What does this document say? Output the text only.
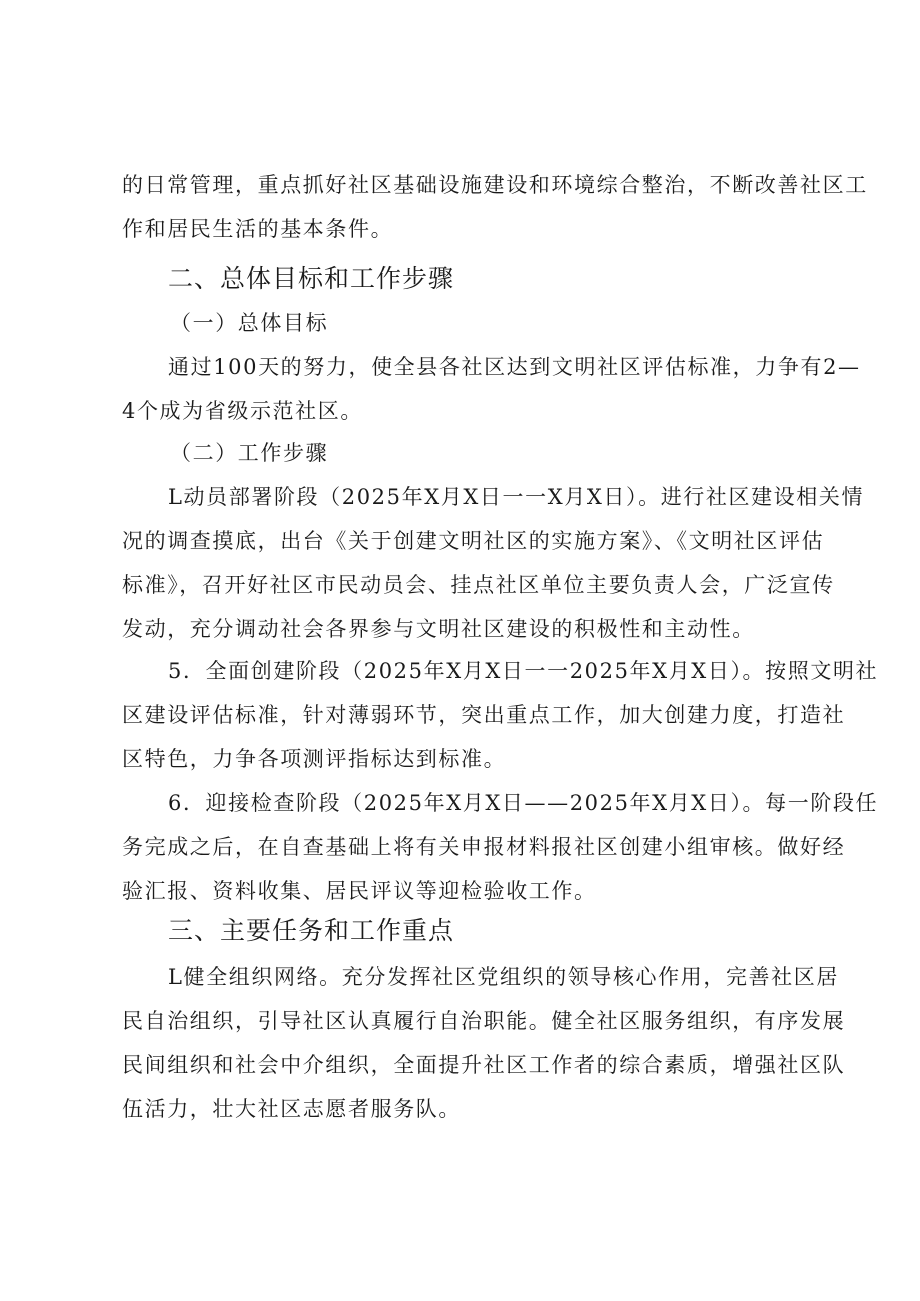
的日常管理，重点抓好社区基础设施建设和环境综合整治，不断改善社区工
作和居民生活的基本条件。
二、总体目标和工作步骤
（一）总体目标
通过100天的努力，使全县各社区达到文明社区评估标准，力争有2—
4个成为省级示范社区。
（二）工作步骤
L动员部署阶段（2025年X月X日一一X月X日）。进行社区建设相关情
况的调查摸底，出台《关于创建文明社区的实施方案》、《文明社区评估
标准》，召开好社区市民动员会、挂点社区单位主要负责人会，广泛宣传
发动，充分调动社会各界参与文明社区建设的积极性和主动性。
5．全面创建阶段（2025年X月X日一一2025年X月X日）。按照文明社
区建设评估标准，针对薄弱环节，突出重点工作，加大创建力度，打造社
区特色，力争各项测评指标达到标准。
6．迎接检查阶段（2025年X月X日——2025年X月X日）。每一阶段任
务完成之后，在自查基础上将有关申报材料报社区创建小组审核。做好经
验汇报、资料收集、居民评议等迎检验收工作。
三、主要任务和工作重点
L健全组织网络。充分发挥社区党组织的领导核心作用，完善社区居
民自治组织，引导社区认真履行自治职能。健全社区服务组织，有序发展
民间组织和社会中介组织，全面提升社区工作者的综合素质，增强社区队
伍活力，壮大社区志愿者服务队。
